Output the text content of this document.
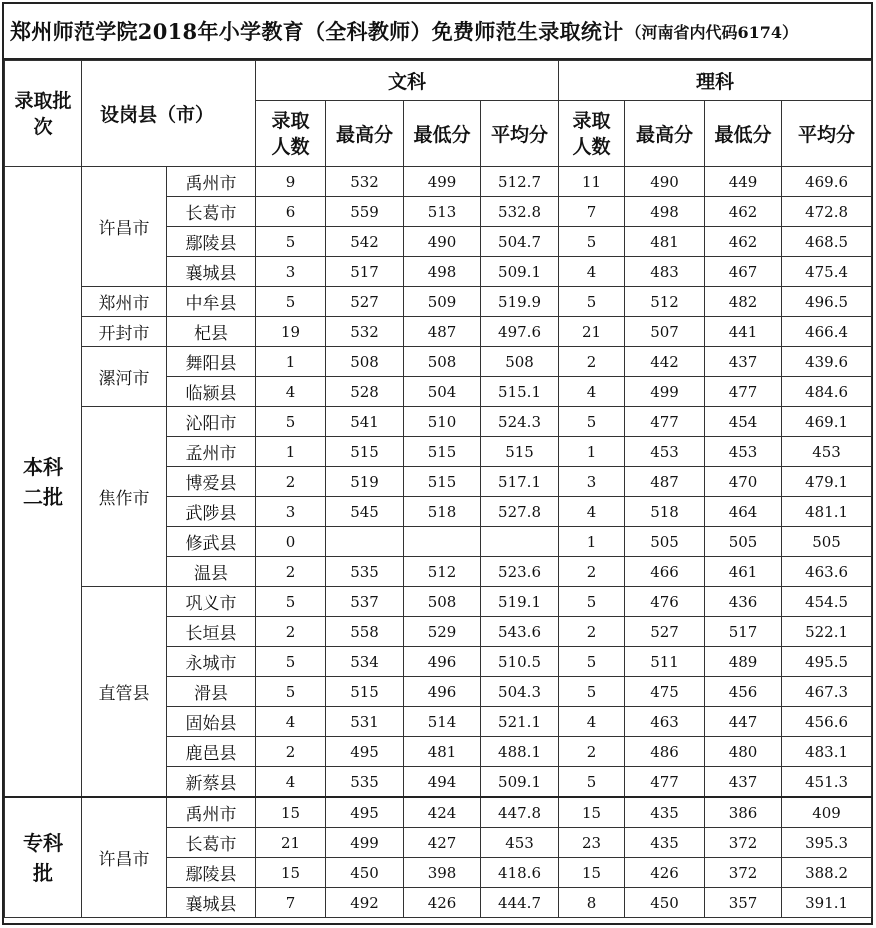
郑州师范学院2018年小学教育（全科教师）免费师范生录取统计 （河南省内代码6174）
录取批次	设岗县（市）		文科				理科			
			录取人数	最高分	最低分	平均分	录取人数	最高分	最低分	平均分
本科二批	许昌市	禹州市	9	532	499	512.7	11	490	449	469.6
		长葛市	6	559	513	532.8	7	498	462	472.8
		鄢陵县	5	542	490	504.7	5	481	462	468.5
		襄城县	3	517	498	509.1	4	483	467	475.4
	郑州市	中牟县	5	527	509	519.9	5	512	482	496.5
	开封市	杞县	19	532	487	497.6	21	507	441	466.4
	漯河市	舞阳县	1	508	508	508	2	442	437	439.6
		临颍县	4	528	504	515.1	4	499	477	484.6
	焦作市	沁阳市	5	541	510	524.3	5	477	454	469.1
		孟州市	1	515	515	515	1	453	453	453
		博爱县	2	519	515	517.1	3	487	470	479.1
		武陟县	3	545	518	527.8	4	518	464	481.1
		修武县	0				1	505	505	505
		温县	2	535	512	523.6	2	466	461	463.6
	直管县	巩义市	5	537	508	519.1	5	476	436	454.5
		长垣县	2	558	529	543.6	2	527	517	522.1
		永城市	5	534	496	510.5	5	511	489	495.5
		滑县	5	515	496	504.3	5	475	456	467.3
		固始县	4	531	514	521.1	4	463	447	456.6
		鹿邑县	2	495	481	488.1	2	486	480	483.1
		新蔡县	4	535	494	509.1	5	477	437	451.3
专科批	许昌市	禹州市	15	495	424	447.8	15	435	386	409
		长葛市	21	499	427	453	23	435	372	395.3
		鄢陵县	15	450	398	418.6	15	426	372	388.2
		襄城县	7	492	426	444.7	8	450	357	391.1
